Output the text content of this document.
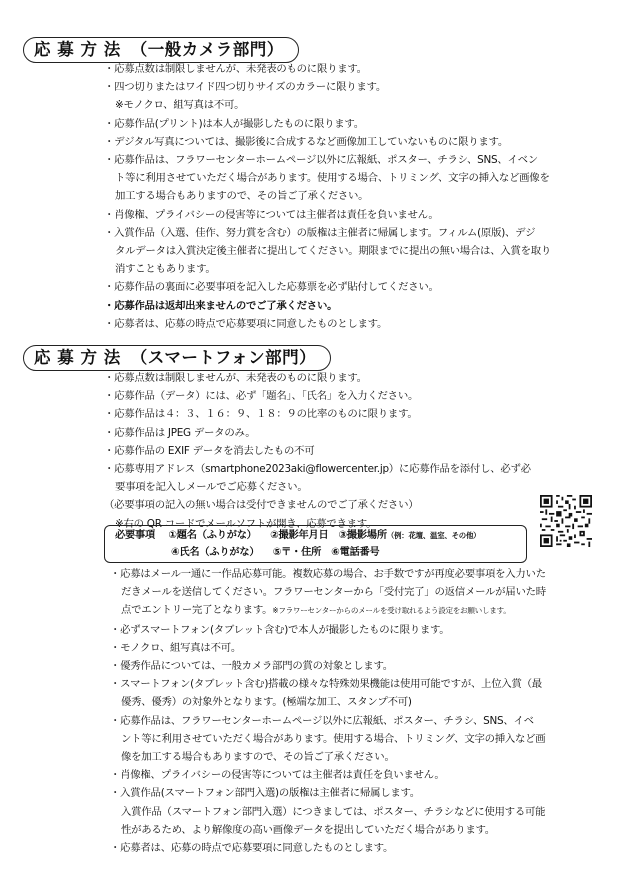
応 募 方 法 （一般カメラ部門）

・応募点数は制限しませんが、未発表のものに限ります。

・四つ切りまたはワイド四つ切りサイズのカラーに限ります。

※モノクロ、組写真は不可。

・応募作品(プリント)は本人が撮影したものに限ります。

・デジタル写真については、撮影後に合成するなど画像加工していないものに限ります。

・応募作品は、フラワーセンターホームページ以外に広報紙、ポスター、チラシ、SNS、イベン

ト等に利用させていただく場合があります。使用する場合、トリミング、文字の挿入など画像を

加工する場合もありますので、その旨ご了承ください。

・肖像権、プライバシーの侵害等については主催者は責任を負いません。

・入賞作品（入選、佳作、努力賞を含む）の版権は主催者に帰属します。フィルム(原版)、デジ

タルデータは入賞決定後主催者に提出してください。期限までに提出の無い場合は、入賞を取り

消すこともあります。

・応募作品の裏面に必要事項を記入した応募票を必ず貼付してください。

・応募作品は返却出来ませんのでご了承ください。

・応募者は、応募の時点で応募要項に同意したものとします。

応 募 方 法 （スマートフォン部門）

・応募点数は制限しませんが、未発表のものに限ります。

・応募作品（データ）には、必ず「題名」、「氏名」を入力ください。

・応募作品は４：３、１６：９、１８：９の比率のものに限ります。

・応募作品は JPEG データのみ。

・応募作品の EXIF データを消去したもの不可

・応募専用アドレス（smartphone2023aki@flowercenter.jp）に応募作品を添付し、必ず必

要事項を記入しメールでご応募ください。

（必要事項の記入の無い場合は受付できませんのでご了承ください）

※右の QR コードでメールソフトが開き、応募できます。

必要事項 ①題名（ふりがな） ②撮影年月日 ③撮影場所（例：花壇、温室、その他）
④氏名（ふりがな） ⑤〒・住所 ⑥電話番号

・応募はメール一通に一作品応募可能。複数応募の場合、お手数ですが再度必要事項を入力いた

だきメールを送信してください。フラワーセンターから「受付完了」の返信メールが届いた時

点でエントリー完了となります。※フラワーセンターからのメールを受け取れるよう設定をお願いします。

・必ずスマートフォン(タブレット含む)で本人が撮影したものに限ります。

・モノクロ、組写真は不可。

・優秀作品については、一般カメラ部門の賞の対象とします。

・スマートフォン(タブレット含む)搭載の様々な特殊効果機能は使用可能ですが、上位入賞（最

優秀、優秀）の対象外となります。(極端な加工、スタンプ不可)

・応募作品は、フラワーセンターホームページ以外に広報紙、ポスター、チラシ、SNS、イベ

ント等に利用させていただく場合があります。使用する場合、トリミング、文字の挿入など画

像を加工する場合もありますので、その旨ご了承ください。

・肖像権、プライバシーの侵害等については主催者は責任を負いません。

・入賞作品(スマートフォン部門入選)の版権は主催者に帰属します。

入賞作品（スマートフォン部門入選）につきましては、ポスター、チラシなどに使用する可能

性があるため、より解像度の高い画像データを提出していただく場合があります。

・応募者は、応募の時点で応募要項に同意したものとします。
